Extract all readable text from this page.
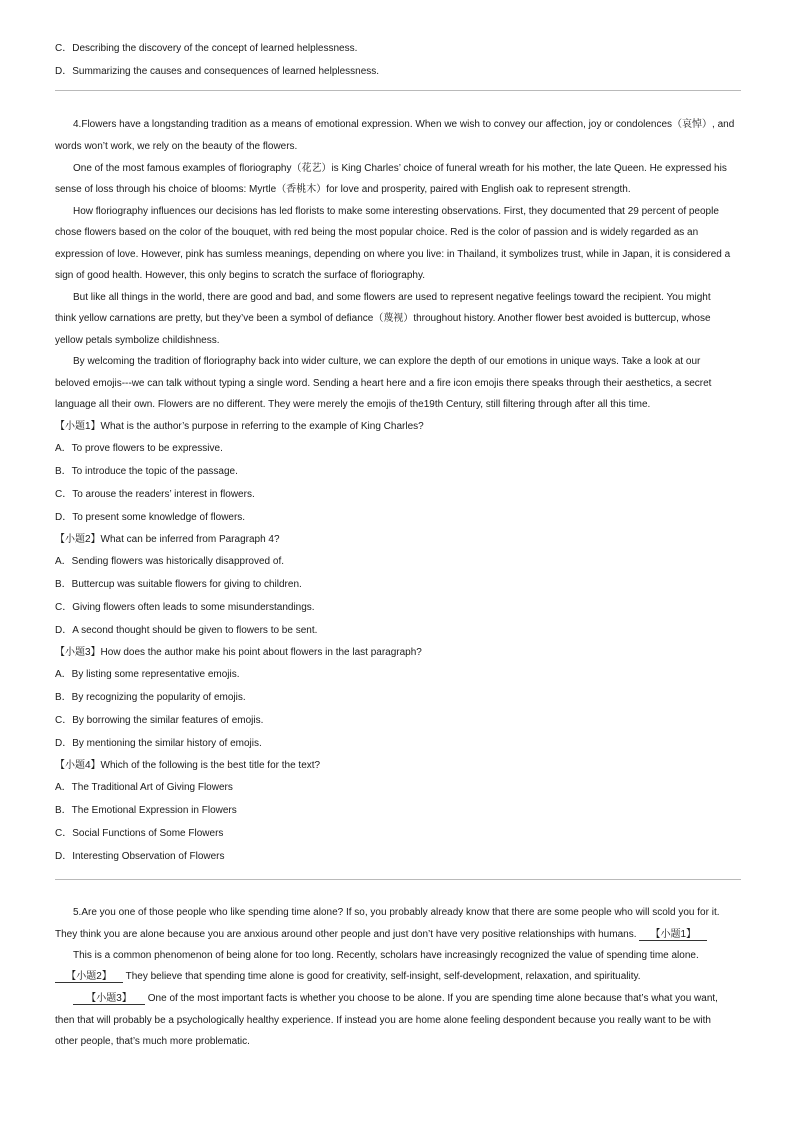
C．Describing the discovery of the concept of learned helplessness.
D．Summarizing the causes and consequences of learned helplessness.
4.Flowers have a longstanding tradition as a means of emotional expression. When we wish to convey our affection, joy or condolences（哀悼）, and
words won’t work, we rely on the beauty of the flowers.
One of the most famous examples of floriography（花艺）is King Charles’ choice of funeral wreath for his mother, the late Queen. He expressed his
sense of loss through his choice of blooms: Myrtle（香桃木）for love and prosperity, paired with English oak to represent strength.
How floriography influences our decisions has led florists to make some interesting observations. First, they documented that 29 percent of people
chose flowers based on the color of the bouquet, with red being the most popular choice. Red is the color of passion and is widely regarded as an
expression of love. However, pink has sumless meanings, depending on where you live: in Thailand, it symbolizes trust, while in Japan, it is considered a
sign of good health. However, this only begins to scratch the surface of floriography.
But like all things in the world, there are good and bad, and some flowers are used to represent negative feelings toward the recipient. You might
think yellow carnations are pretty, but they’ve been a symbol of defiance（蔑视）throughout history. Another flower best avoided is buttercup, whose
yellow petals symbolize childishness.
By welcoming the tradition of floriography back into wider culture, we can explore the depth of our emotions in unique ways. Take a look at our
beloved emojis---we can talk without typing a single word. Sending a heart here and a fire icon emojis there speaks through their aesthetics, a secret
language all their own. Flowers are no different. They were merely the emojis of the19th Century, still filtering through after all this time.
【小题1】What is the author’s purpose in referring to the example of King Charles?
A．To prove flowers to be expressive.
B．To introduce the topic of the passage.
C．To arouse the readers’ interest in flowers.
D．To present some knowledge of flowers.
【小题2】What can be inferred from Paragraph 4?
A．Sending flowers was historically disapproved of.
B．Buttercup was suitable flowers for giving to children.
C．Giving flowers often leads to some misunderstandings.
D．A second thought should be given to flowers to be sent.
【小题3】How does the author make his point about flowers in the last paragraph?
A．By listing some representative emojis.
B．By recognizing the popularity of emojis.
C．By borrowing the similar features of emojis.
D．By mentioning the similar history of emojis.
【小题4】Which of the following is the best title for the text?
A．The Traditional Art of Giving Flowers
B．The Emotional Expression in Flowers
C．Social Functions of Some Flowers
D．Interesting Observation of Flowers
5.Are you one of those people who like spending time alone? If so, you probably already know that there are some people who will scold you for it.
They think you are alone because you are anxious around other people and just don’t have very positive relationships with humans. 【小题1】
This is a common phenomenon of being alone for too long. Recently, scholars have increasingly recognized the value of spending time alone.
【小题2】 They believe that spending time alone is good for creativity, self-insight, self-development, relaxation, and spirituality.
【小题3】 One of the most important facts is whether you choose to be alone. If you are spending time alone because that’s what you want,
then that will probably be a psychologically healthy experience. If instead you are home alone feeling despondent because you really want to be with
other people, that’s much more problematic.
